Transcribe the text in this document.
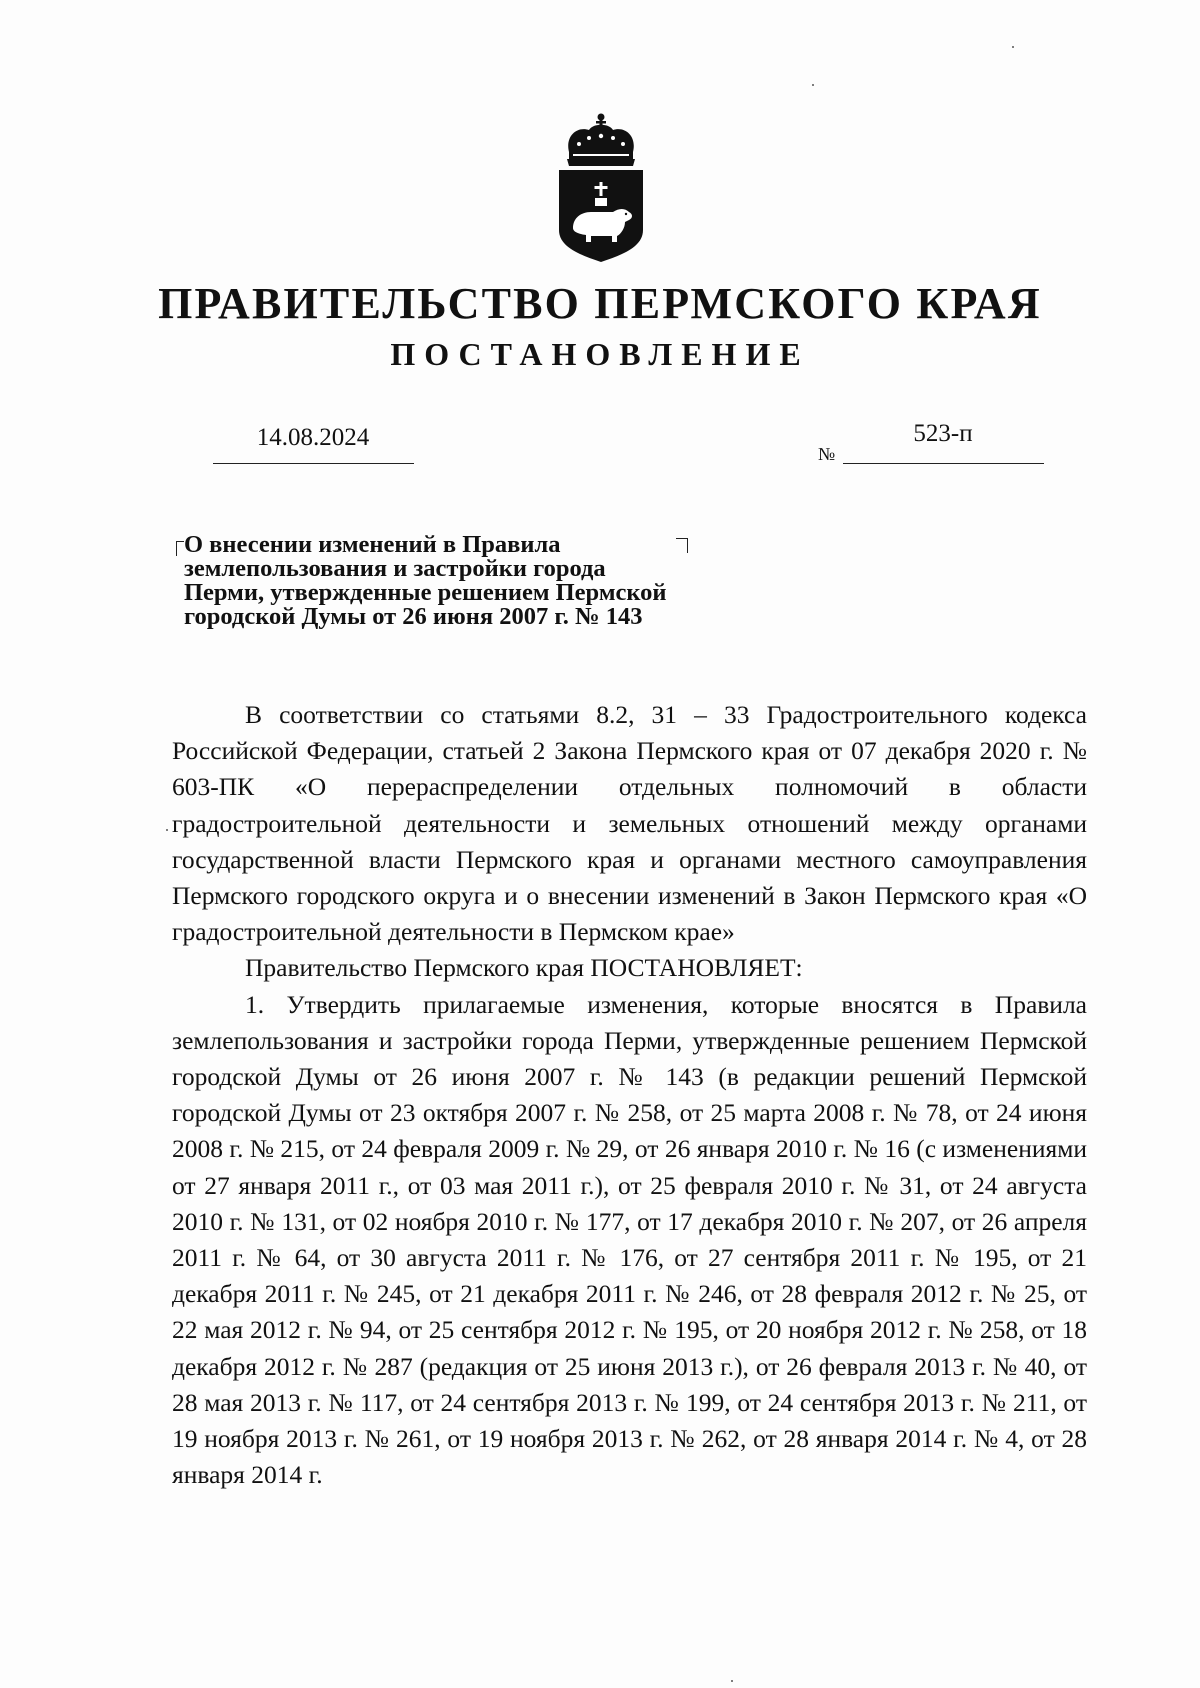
ПРАВИТЕЛЬСТВО ПЕРМСКОГО КРАЯ
ПОСТАНОВЛЕНИЕ
14.08.2024
№
523-п
О внесении изменений в Правила
землепользования и застройки города
Перми, утвержденные решением Пермской
городской Думы от 26 июня 2007 г. № 143

В соответствии со статьями 8.2, 31 – 33 Градостроительного кодекса Российской Федерации, статьей 2 Закона Пермского края от 07 декабря 2020 г. № 603-ПК «О перераспределении отдельных полномочий в области градостроительной деятельности и земельных отношений между органами государственной власти Пермского края и органами местного самоуправления Пермского городского округа и о внесении изменений в Закон Пермского края «О градостроительной деятельности в Пермском крае»

Правительство Пермского края ПОСТАНОВЛЯЕТ:

1. Утвердить прилагаемые изменения, которые вносятся в Правила землепользования и застройки города Перми, утвержденные решением Пермской городской Думы от 26 июня 2007 г. № 143 (в редакции решений Пермской городской Думы от 23 октября 2007 г. № 258, от 25 марта 2008 г. № 78, от 24 июня 2008 г. № 215, от 24 февраля 2009 г. № 29, от 26 января 2010 г. № 16 (с изменениями от 27 января 2011 г., от 03 мая 2011 г.), от 25 февраля 2010 г. № 31, от 24 августа 2010 г. № 131, от 02 ноября 2010 г. № 177, от 17 декабря 2010 г. № 207, от 26 апреля 2011 г. № 64, от 30 августа 2011 г. № 176, от 27 сентября 2011 г. № 195, от 21 декабря 2011 г. № 245, от 21 декабря 2011 г. № 246, от 28 февраля 2012 г. № 25, от 22 мая 2012 г. № 94, от 25 сентября 2012 г. № 195, от 20 ноября 2012 г. № 258, от 18 декабря 2012 г. № 287 (редакция от 25 июня 2013 г.), от 26 февраля 2013 г. № 40, от 28 мая 2013 г. № 117, от 24 сентября 2013 г. № 199, от 24 сентября 2013 г. № 211, от 19 ноября 2013 г. № 261, от 19 ноября 2013 г. № 262, от 28 января 2014 г. № 4, от 28 января 2014 г.
